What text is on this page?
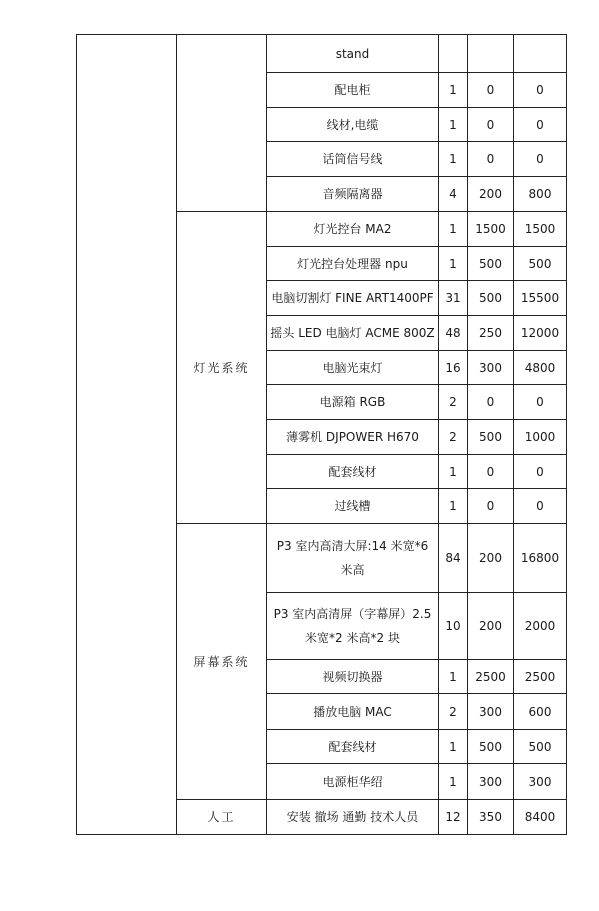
		stand			
		配电柜	1	0	0
		线材,电缆	1	0	0
		话筒信号线	1	0	0
		音频隔离器	4	200	800
	灯光系统	灯光控台 MA2	1	1500	1500
		灯光控台处理器 npu	1	500	500
		电脑切割灯 FINE ART1400PF	31	500	15500
		摇头 LED 电脑灯 ACME 800Z	48	250	12000
		电脑光束灯	16	300	4800
		电源箱 RGB	2	0	0
		薄雾机 DJPOWER H670	2	500	1000
		配套线材	1	0	0
		过线槽	1	0	0
	屏幕系统	P3 室内高清大屏:14 米宽*6 米高	84	200	16800
		P3 室内高清屏（字幕屏）2.5 米宽*2 米高*2 块	10	200	2000
		视频切换器	1	2500	2500
		播放电脑 MAC	2	300	600
		配套线材	1	500	500
		电源柜华绍	1	300	300
	人工	安装 撤场 通勤 技术人员	12	350	8400
